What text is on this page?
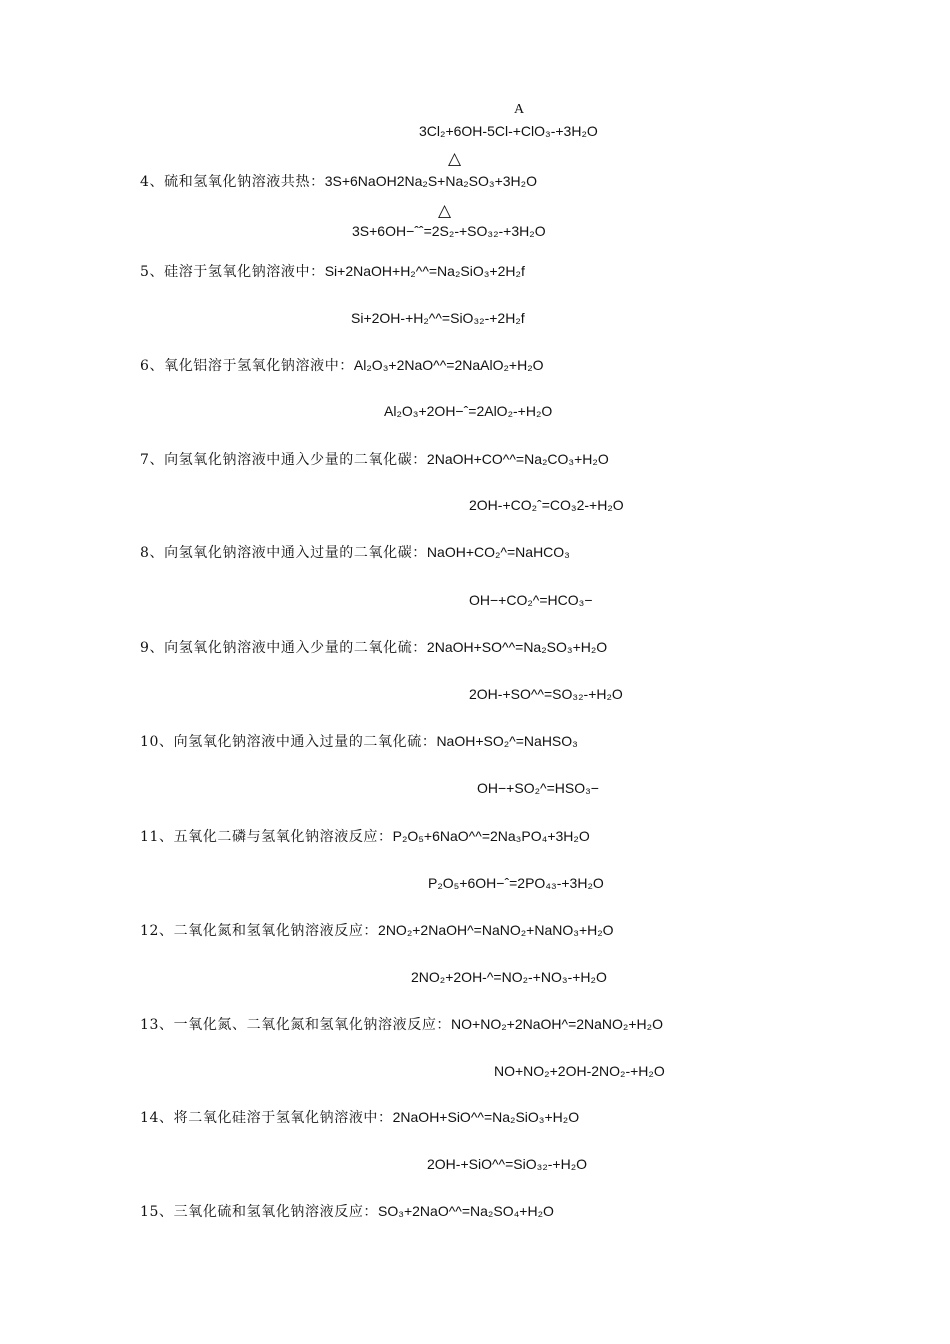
A
△
△
3Cl₂+6OH-5Cl-+ClO₃-+3H₂O
4、硫和氢氧化钠溶液共热：3S+6NaOH2Na₂S+Na₂SO₃+3H₂O
3S+6OH−ˆˆ=2S₂-+SO₃₂-+3H₂O
5、硅溶于氢氧化钠溶液中：Si+2NaOH+H₂^^=Na₂SiO₃+2H₂f
Si+2OH-+H₂^^=SiO₃₂-+2H₂f
6、氧化铝溶于氢氧化钠溶液中：Al₂O₃+2NaO^^=2NaAlO₂+H₂O
Al₂O₃+2OH−ˆ=2AlO₂-+H₂O
7、向氢氧化钠溶液中通入少量的二氧化碳：2NaOH+CO^^=Na₂CO₃+H₂O
2OH-+CO₂ˆ=CO₃2-+H₂O
8、向氢氧化钠溶液中通入过量的二氧化碳：NaOH+CO₂^=NaHCO₃
OH−+CO₂^=HCO₃−
9、向氢氧化钠溶液中通入少量的二氧化硫：2NaOH+SO^^=Na₂SO₃+H₂O
2OH-+SO^^=SO₃₂-+H₂O
10、向氢氧化钠溶液中通入过量的二氧化硫：NaOH+SO₂^=NaHSO₃
OH−+SO₂^=HSO₃−
11、五氧化二磷与氢氧化钠溶液反应：P₂O₅+6NaO^^=2Na₃PO₄+3H₂O
P₂O₅+6OH−ˆ=2PO₄₃-+3H₂O
12、二氧化氮和氢氧化钠溶液反应：2NO₂+2NaOH^=NaNO₂+NaNO₃+H₂O
2NO₂+2OH-^=NO₂-+NO₃-+H₂O
13、一氧化氮、二氧化氮和氢氧化钠溶液反应：NO+NO₂+2NaOH^=2NaNO₂+H₂O
NO+NO₂+2OH-2NO₂-+H₂O
14、将二氧化硅溶于氢氧化钠溶液中：2NaOH+SiO^^=Na₂SiO₃+H₂O
2OH-+SiO^^=SiO₃₂-+H₂O
15、三氧化硫和氢氧化钠溶液反应：SO₃+2NaO^^=Na₂SO₄+H₂O
